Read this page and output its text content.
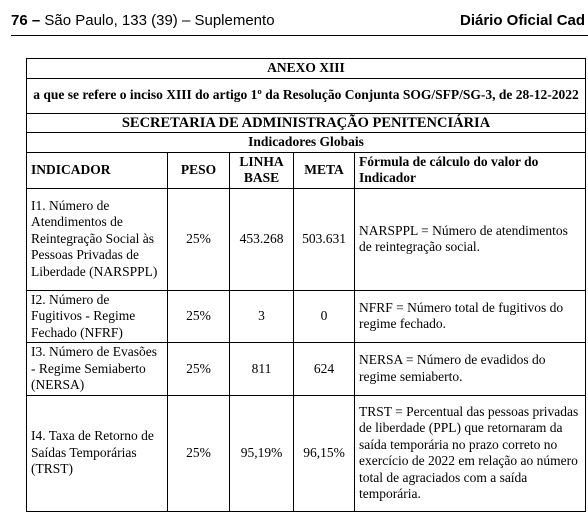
76 – São Paulo, 133 (39) – Suplemento	Diário Oficial Cad
ANEXO XIII				
a que se refere o inciso XIII do artigo 1º da Resolução Conjunta SOG/SFP/SG-3, de 28-12-2022				
SECRETARIA DE ADMINISTRAÇÃO PENITENCIÁRIA				
Indicadores Globais				
INDICADOR	PESO	LINHA BASE	META	Fórmula de cálculo do valor do Indicador
I1. Número de Atendimentos de Reintegração Social às Pessoas Privadas de Liberdade (NARSPPL)	25%	453.268	503.631	NARSPPL = Número de atendimentos de reintegração social.
I2. Número de Fugitivos - Regime Fechado (NFRF)	25%	3	0	NFRF = Número total de fugitivos do regime fechado.
I3. Número de Evasões - Regime Semiaberto (NERSA)	25%	811	624	NERSA = Número de evadidos do regime semiaberto.
I4. Taxa de Retorno de Saídas Temporárias (TRST)	25%	95,19%	96,15%	TRST = Percentual das pessoas privadas de liberdade (PPL) que retornaram da saída temporária no prazo correto no exercício de 2022 em relação ao número total de agraciados com a saída temporária.
